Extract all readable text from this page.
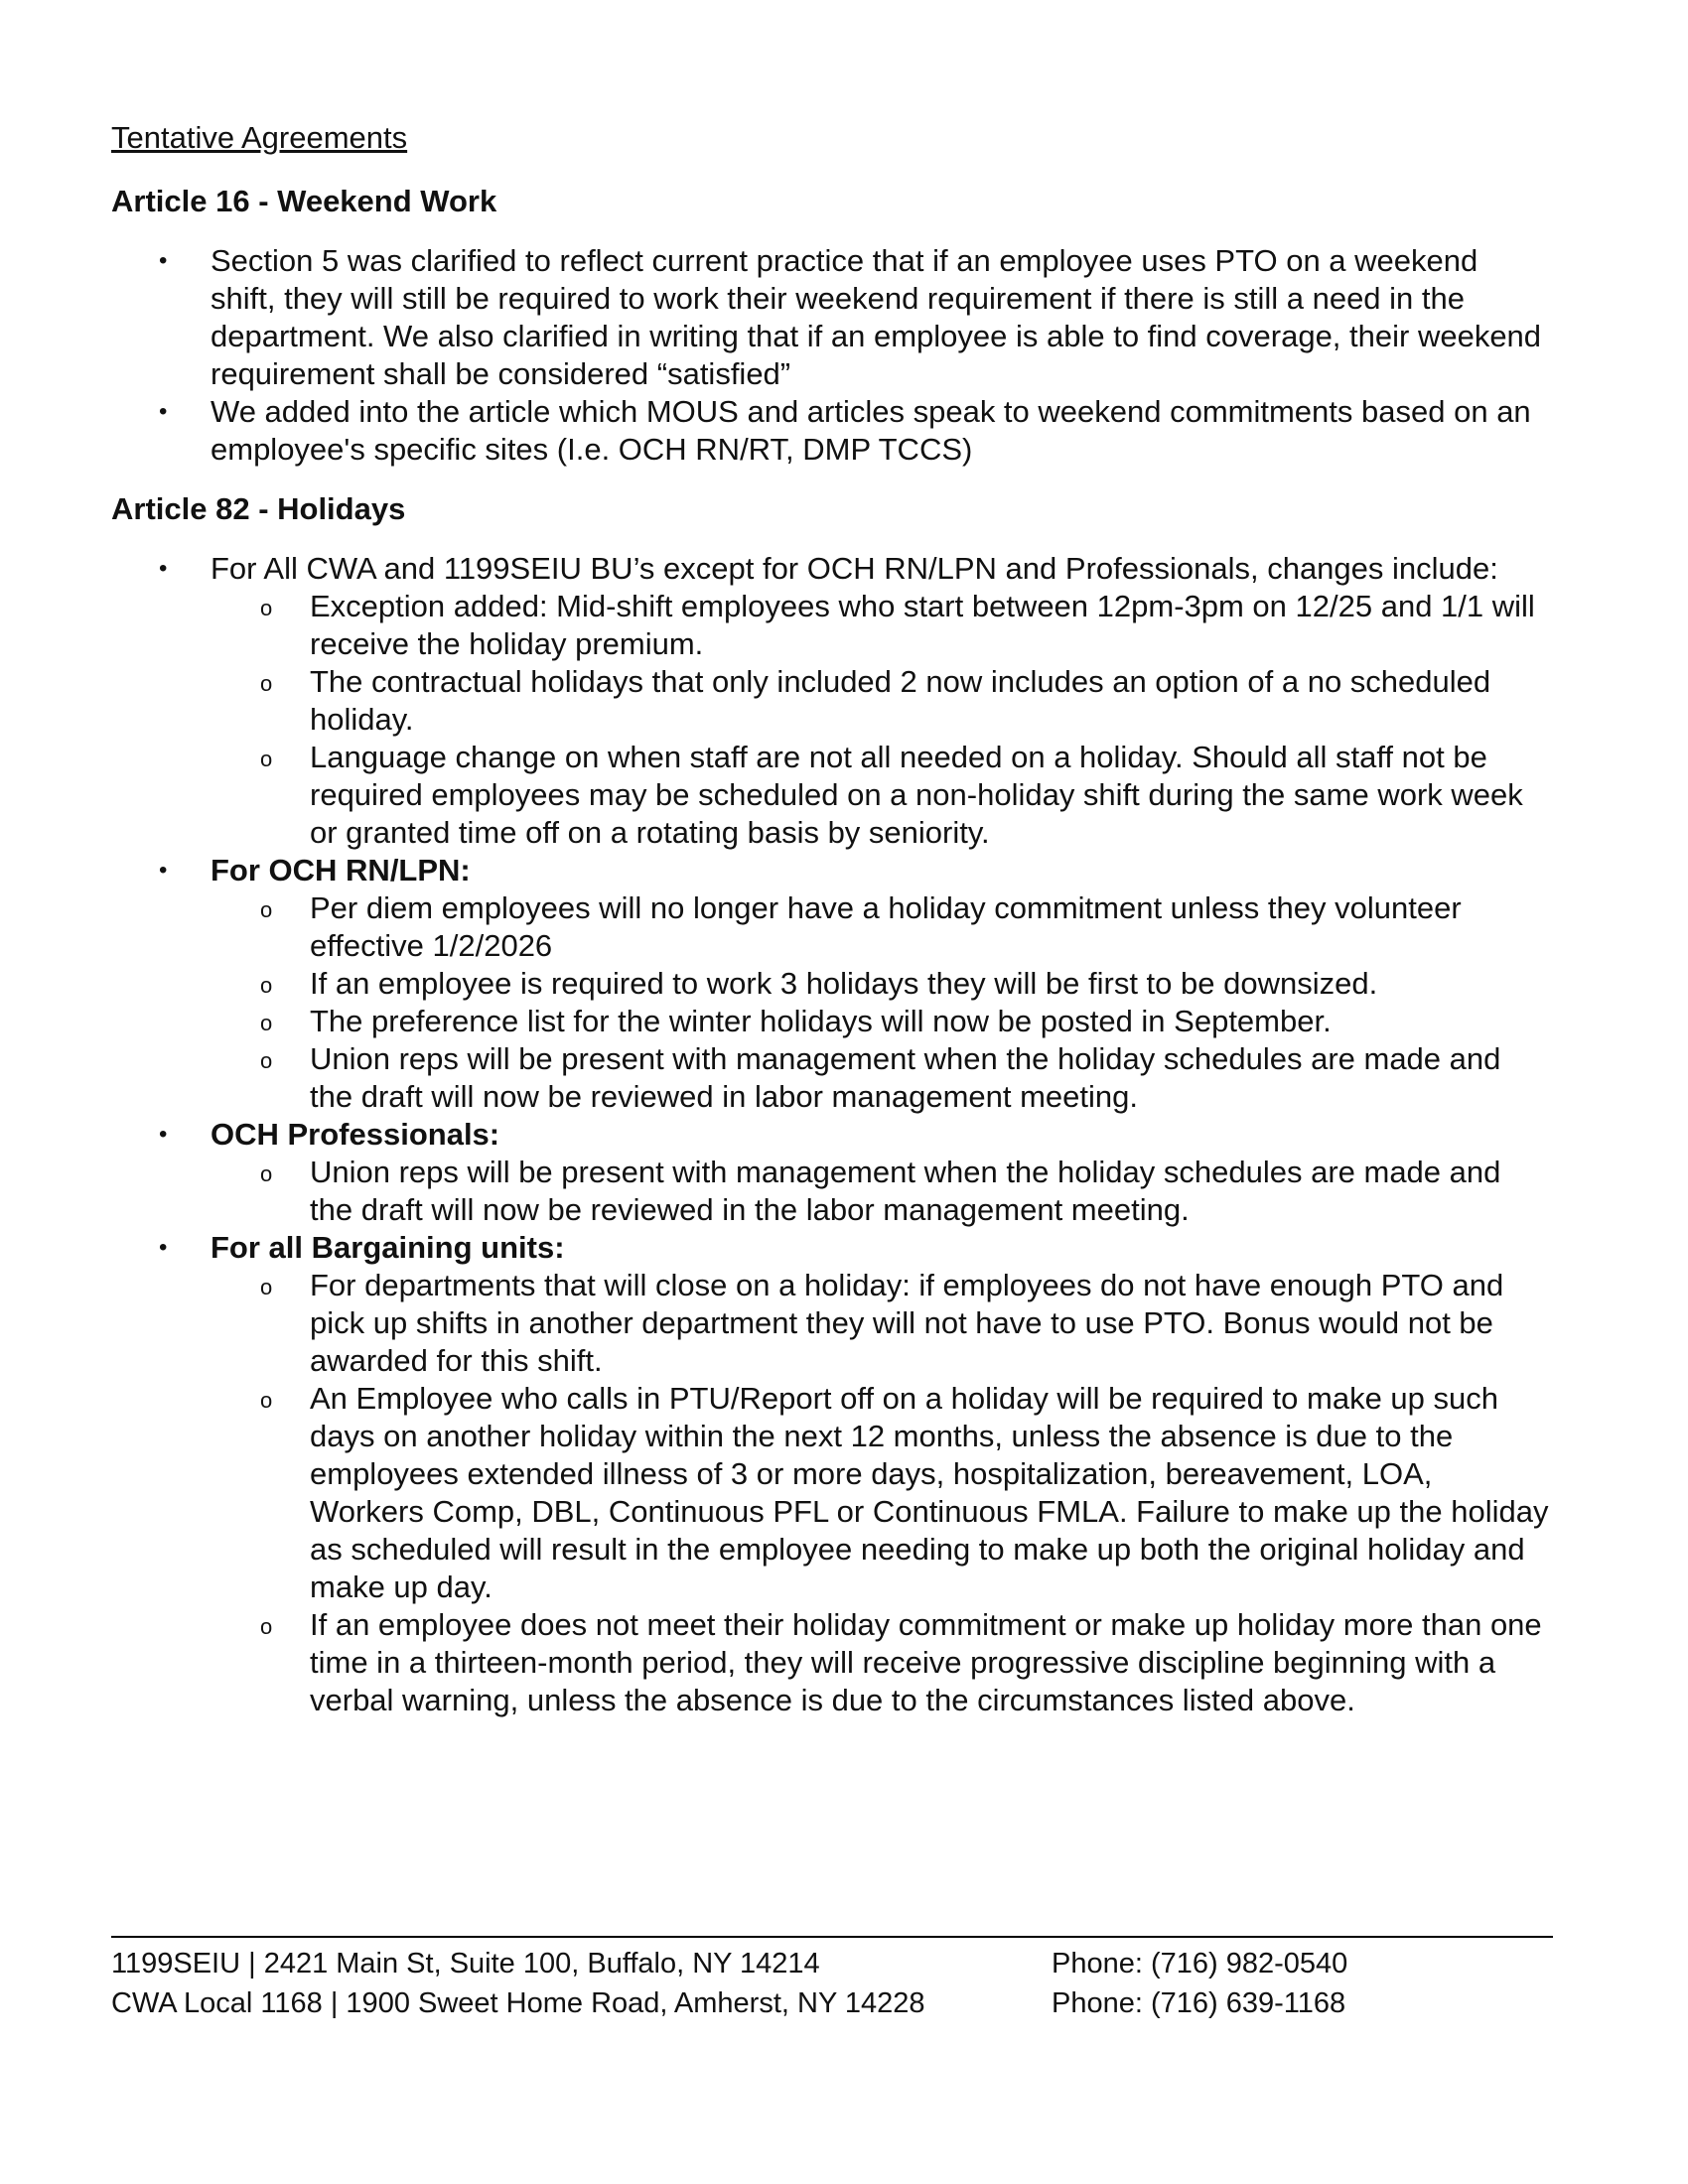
Tentative Agreements
Article 16 - Weekend Work
• Section 5 was clarified to reflect current practice that if an employee uses PTO on a weekend shift, they will still be required to work their weekend requirement if there is still a need in the department. We also clarified in writing that if an employee is able to find coverage, their weekend requirement shall be considered “satisfied”
• We added into the article which MOUS and articles speak to weekend commitments based on an employee's specific sites (I.e. OCH RN/RT, DMP TCCS)
Article 82 - Holidays
• For All CWA and 1199SEIU BU’s except for OCH RN/LPN and Professionals, changes include:
o Exception added: Mid-shift employees who start between 12pm-3pm on 12/25 and 1/1 will receive the holiday premium.
o The contractual holidays that only included 2 now includes an option of a no scheduled holiday.
o Language change on when staff are not all needed on a holiday. Should all staff not be required employees may be scheduled on a non-holiday shift during the same work week or granted time off on a rotating basis by seniority.
• For OCH RN/LPN:
o Per diem employees will no longer have a holiday commitment unless they volunteer effective 1/2/2026
o If an employee is required to work 3 holidays they will be first to be downsized.
o The preference list for the winter holidays will now be posted in September.
o Union reps will be present with management when the holiday schedules are made and the draft will now be reviewed in labor management meeting.
• OCH Professionals:
o Union reps will be present with management when the holiday schedules are made and the draft will now be reviewed in the labor management meeting.
• For all Bargaining units:
o For departments that will close on a holiday: if employees do not have enough PTO and pick up shifts in another department they will not have to use PTO. Bonus would not be awarded for this shift.
o An Employee who calls in PTU/Report off on a holiday will be required to make up such days on another holiday within the next 12 months, unless the absence is due to the employees extended illness of 3 or more days, hospitalization, bereavement, LOA, Workers Comp, DBL, Continuous PFL or Continuous FMLA. Failure to make up the holiday as scheduled will result in the employee needing to make up both the original holiday and make up day.
o If an employee does not meet their holiday commitment or make up holiday more than one time in a thirteen-month period, they will receive progressive discipline beginning with a verbal warning, unless the absence is due to the circumstances listed above.
1199SEIU | 2421 Main St, Suite 100, Buffalo, NY 14214	Phone: (716) 982-0540
CWA Local 1168 | 1900 Sweet Home Road, Amherst, NY 14228	Phone: (716) 639-1168
